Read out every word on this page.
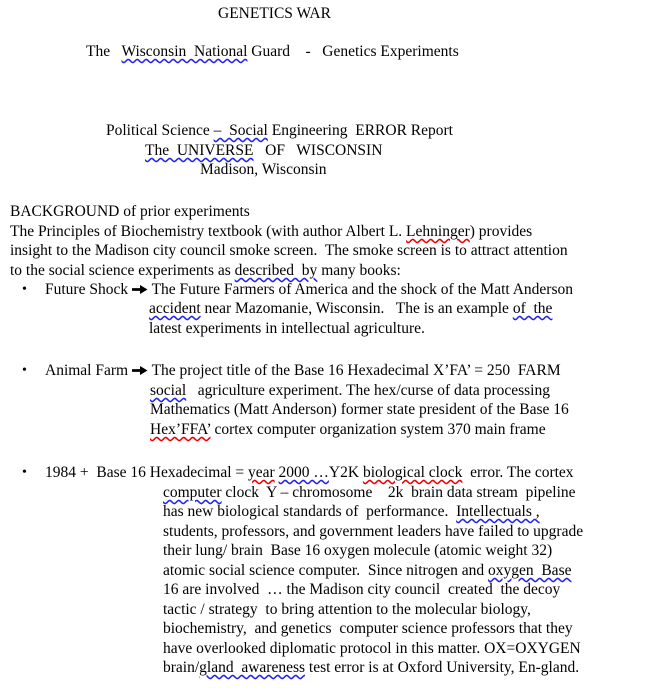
GENETICS WAR
BACKGROUND of prior experiments
The   Wisconsin  National Guard    -   Genetics Experiments
Political Science –  Social Engineering  ERROR Report
The  UNIVERSE   OF   WISCONSIN
Madison, Wisconsin
The Principles of Biochemistry textbook (with author Albert L. Lehninger) provides
insight to the Madison city council smoke screen.  The smoke screen is to attract attention
to the social science experiments as described  by many books:
• Future Shock  The Future Farmers of America and the shock of the Matt Anderson
accident near Mazomanie, Wisconsin.   The is an example of  the
latest experiments in intellectual agriculture.
• Animal Farm  The project title of the Base 16 Hexadecimal X’FA’ = 250  FARM
social   agriculture experiment. The hex/curse of data processing
Mathematics (Matt Anderson) former state president of the Base 16
Hex’FFA’ cortex computer organization system 370 main frame
• 1984 +  Base 16 Hexadecimal = year 2000 …Y2K biological clock  error. The cortex
computer clock  Y – chromosome    2k  brain data stream  pipeline
has new biological standards of  performance.  Intellectuals ,
students, professors, and government leaders have failed to upgrade
their lung/ brain  Base 16 oxygen molecule (atomic weight 32)
atomic social science computer.  Since nitrogen and oxygen  Base
16 are involved  … the Madison city council  created  the decoy
tactic / strategy  to bring attention to the molecular biology,
biochemistry,  and genetics  computer science professors that they
have overlooked diplomatic protocol in this matter. OX=OXYGEN
brain/gland  awareness test error is at Oxford University, En-gland.
